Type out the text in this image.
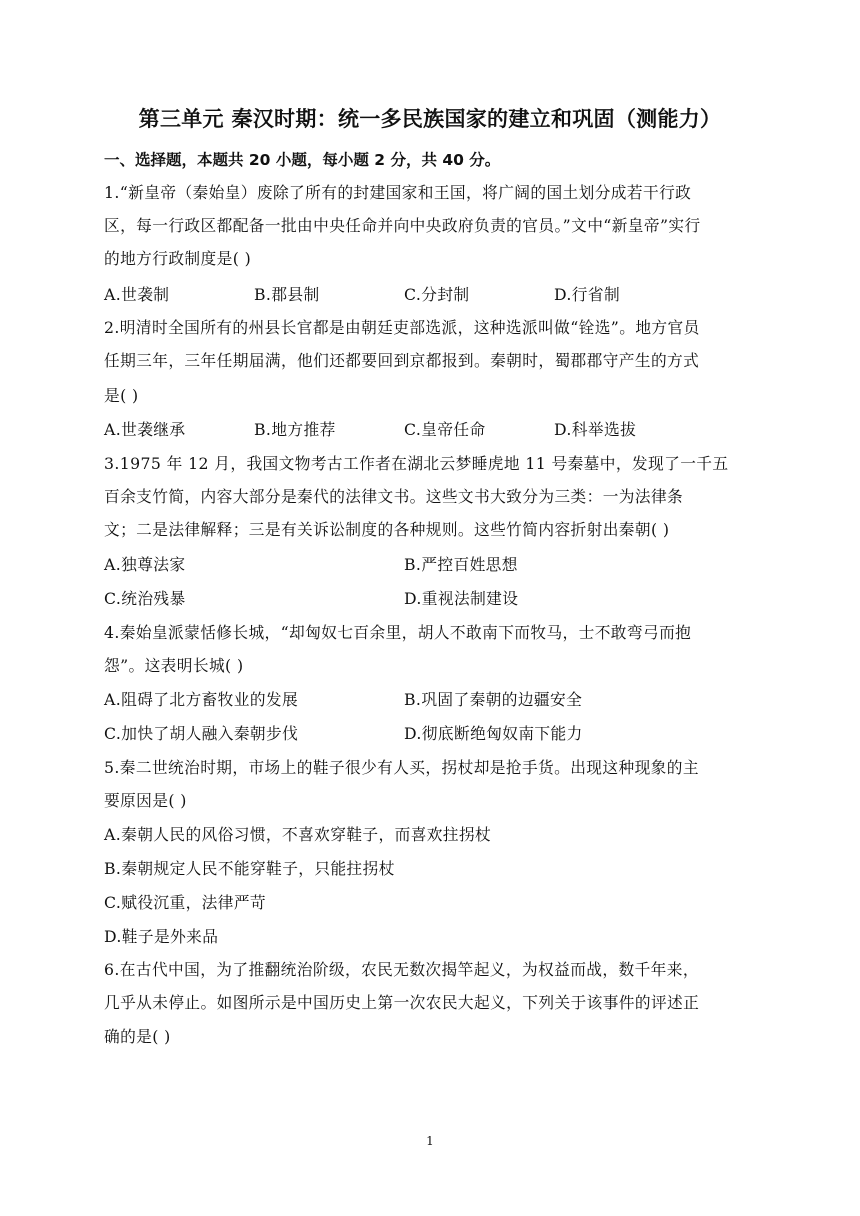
第三单元 秦汉时期：统一多民族国家的建立和巩固（测能力）
一、选择题，本题共 20 小题，每小题 2 分，共 40 分。
1.“新皇帝（秦始皇）废除了所有的封建国家和王国，将广阔的国土划分成若干行政
区，每一行政区都配备一批由中央任命并向中央政府负责的官员。”文中“新皇帝”实行
的地方行政制度是( )
A.世袭制	B.郡县制	C.分封制	D.行省制
2.明清时全国所有的州县长官都是由朝廷吏部选派，这种选派叫做“铨选”。地方官员
任期三年，三年任期届满，他们还都要回到京都报到。秦朝时，蜀郡郡守产生的方式
是( )
A.世袭继承	B.地方推荐	C.皇帝任命	D.科举选拔
3.1975 年 12 月，我国文物考古工作者在湖北云梦睡虎地 11 号秦墓中，发现了一千五
百余支竹简，内容大部分是秦代的法律文书。这些文书大致分为三类：一为法律条
文；二是法律解释；三是有关诉讼制度的各种规则。这些竹简内容折射出秦朝( )
A.独尊法家	B.严控百姓思想
C.统治残暴	D.重视法制建设
4.秦始皇派蒙恬修长城，“却匈奴七百余里，胡人不敢南下而牧马，士不敢弯弓而抱
怨”。这表明长城( )
A.阻碍了北方畜牧业的发展	B.巩固了秦朝的边疆安全
C.加快了胡人融入秦朝步伐	D.彻底断绝匈奴南下能力
5.秦二世统治时期，市场上的鞋子很少有人买，拐杖却是抢手货。出现这种现象的主
要原因是( )
A.秦朝人民的风俗习惯，不喜欢穿鞋子，而喜欢拄拐杖
B.秦朝规定人民不能穿鞋子，只能拄拐杖
C.赋役沉重，法律严苛
D.鞋子是外来品
6.在古代中国，为了推翻统治阶级，农民无数次揭竿起义，为权益而战，数千年来，
几乎从未停止。如图所示是中国历史上第一次农民大起义，下列关于该事件的评述正
确的是( )
1
